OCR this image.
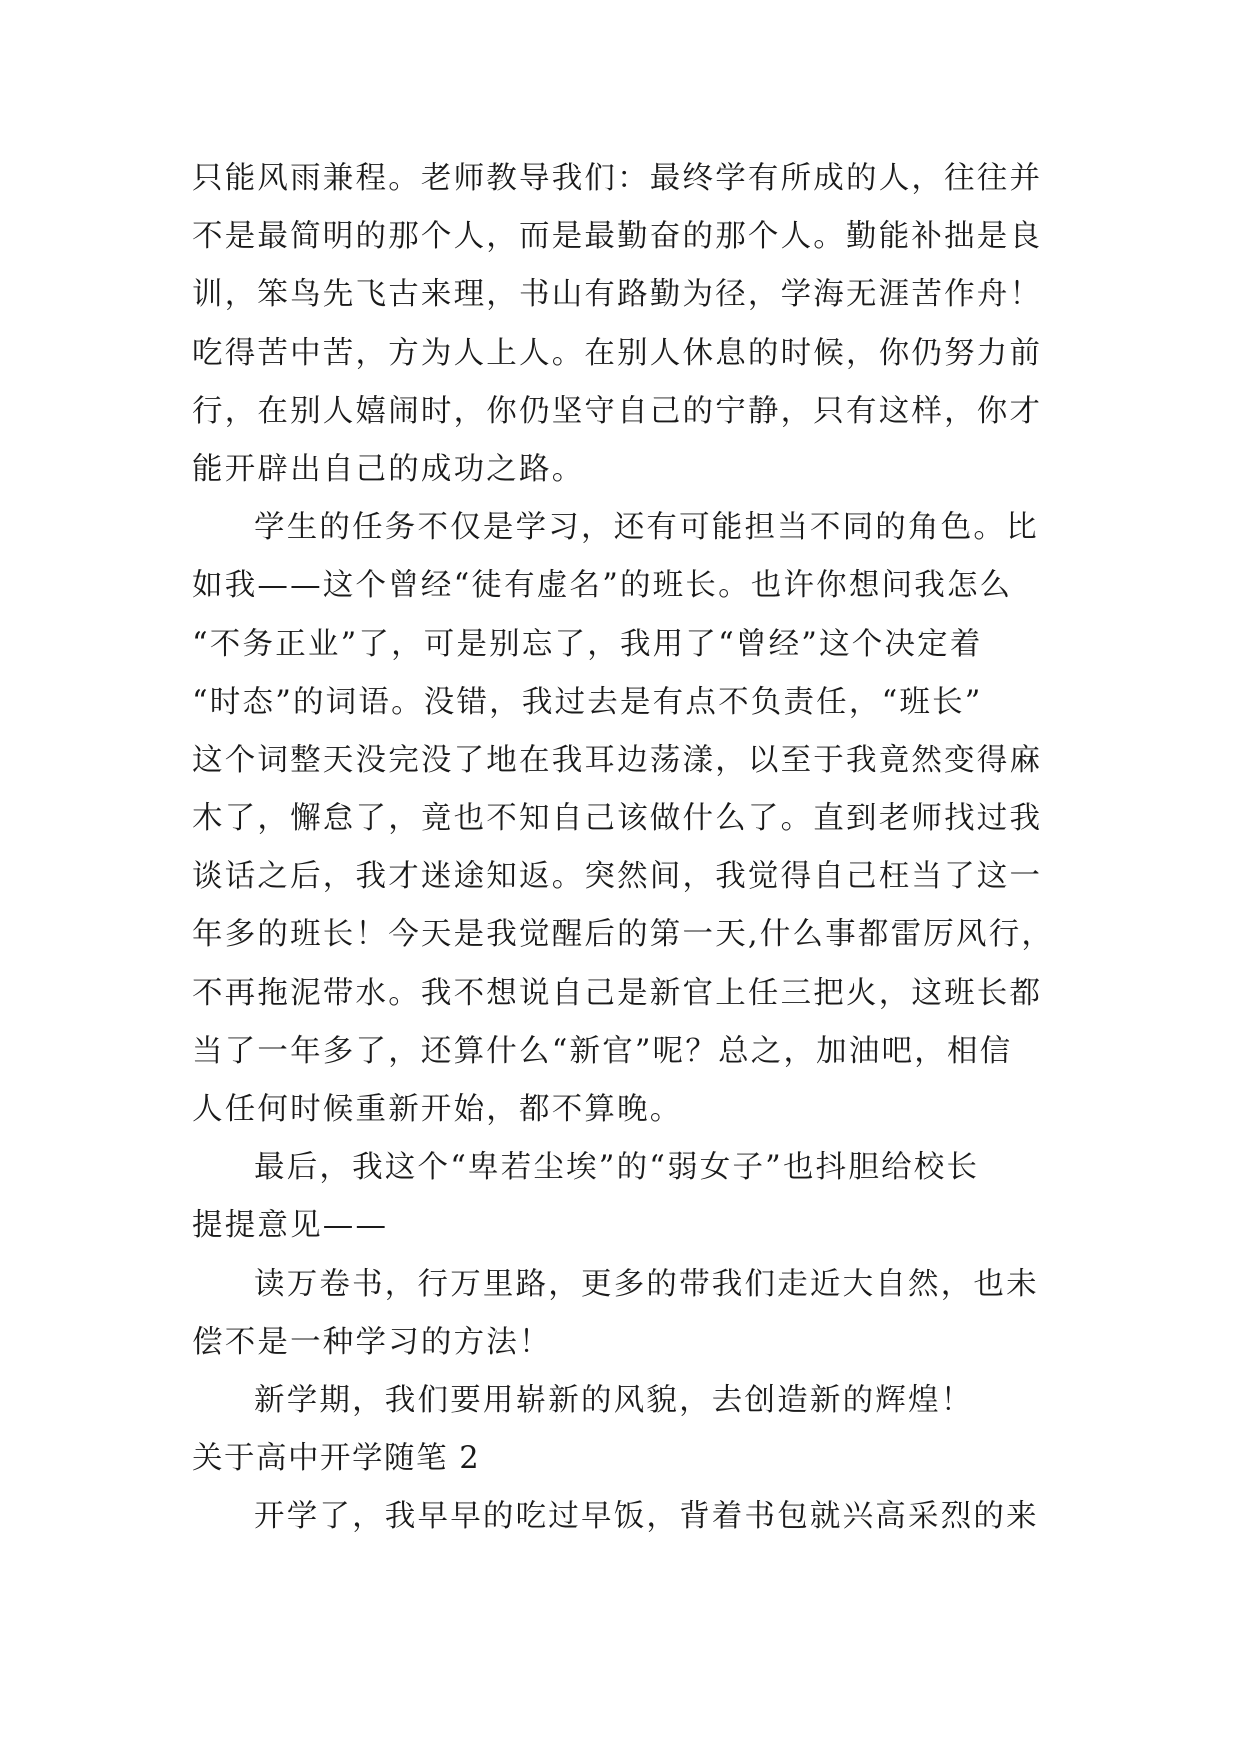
只能风雨兼程。老师教导我们：最终学有所成的人，往往并
不是最简明的那个人，而是最勤奋的那个人。勤能补拙是良
训，笨鸟先飞古来理，书山有路勤为径，学海无涯苦作舟！
吃得苦中苦，方为人上人。在别人休息的时候，你仍努力前
行，在别人嬉闹时，你仍坚守自己的宁静，只有这样，你才
能开辟出自己的成功之路。
学生的任务不仅是学习，还有可能担当不同的角色。比
如我——这个曾经“徒有虚名”的班长。也许你想问我怎么
“不务正业”了，可是别忘了，我用了“曾经”这个决定着
“时态”的词语。没错，我过去是有点不负责任，“班长”
这个词整天没完没了地在我耳边荡漾，以至于我竟然变得麻
木了，懈怠了，竟也不知自己该做什么了。直到老师找过我
谈话之后，我才迷途知返。突然间，我觉得自己枉当了这一
年多的班长！今天是我觉醒后的第一天,什么事都雷厉风行，
不再拖泥带水。我不想说自己是新官上任三把火，这班长都
当了一年多了，还算什么“新官”呢？总之，加油吧，相信
人任何时候重新开始，都不算晚。
最后，我这个“卑若尘埃”的“弱女子”也抖胆给校长
提提意见——
读万卷书，行万里路，更多的带我们走近大自然，也未
偿不是一种学习的方法！
新学期，我们要用崭新的风貌，去创造新的辉煌！
关于高中开学随笔 2
开学了，我早早的吃过早饭，背着书包就兴高采烈的来
